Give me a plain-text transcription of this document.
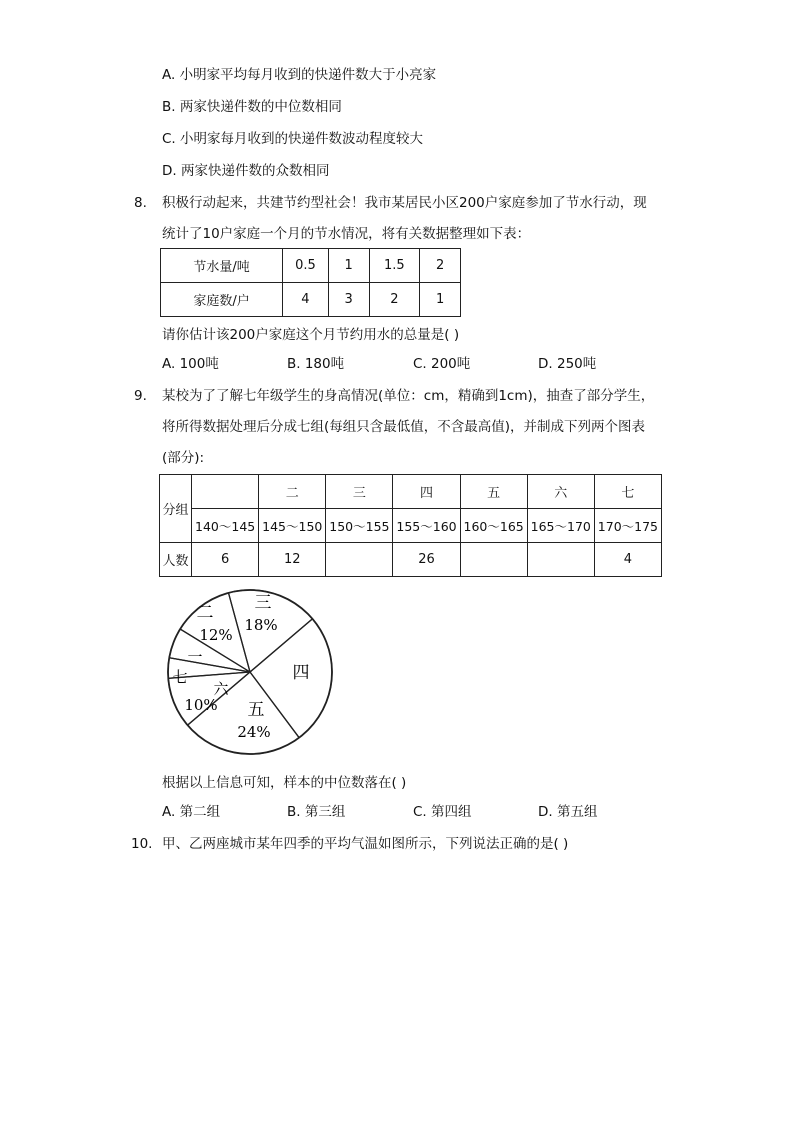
A. 小明家平均每月收到的快递件数大于小亮家
B. 两家快递件数的中位数相同
C. 小明家每月收到的快递件数波动程度较大
D. 两家快递件数的众数相同
8. 积极行动起来，共建节约型社会！我市某居民小区200户家庭参加了节水行动，现
统计了10户家庭一个月的节水情况，将有关数据整理如下表：
节水量/吨	0.5	1	1.5	2
家庭数/户	4	3	2	1
请你估计该200户家庭这个月节约用水的总量是( )
A. 100吨	B. 180吨	C. 200吨	D. 250吨
9. 某校为了了解七年级学生的身高情况(单位：cm，精确到1cm)，抽查了部分学生，
将所得数据处理后分成七组(每组只含最低值，不含最高值)，并制成下列两个图表
(部分):
分组		二	三	四	五	六	七
	140～145	145～150	150～155	155～160	160～165	165～170	170～175
人数	6	12		26			4
二
12%
三
18%
四
五
24%
六
10%
一
七
根据以上信息可知，样本的中位数落在( )
A. 第二组	B. 第三组	C. 第四组	D. 第五组
10. 甲、乙两座城市某年四季的平均气温如图所示，下列说法正确的是( )
